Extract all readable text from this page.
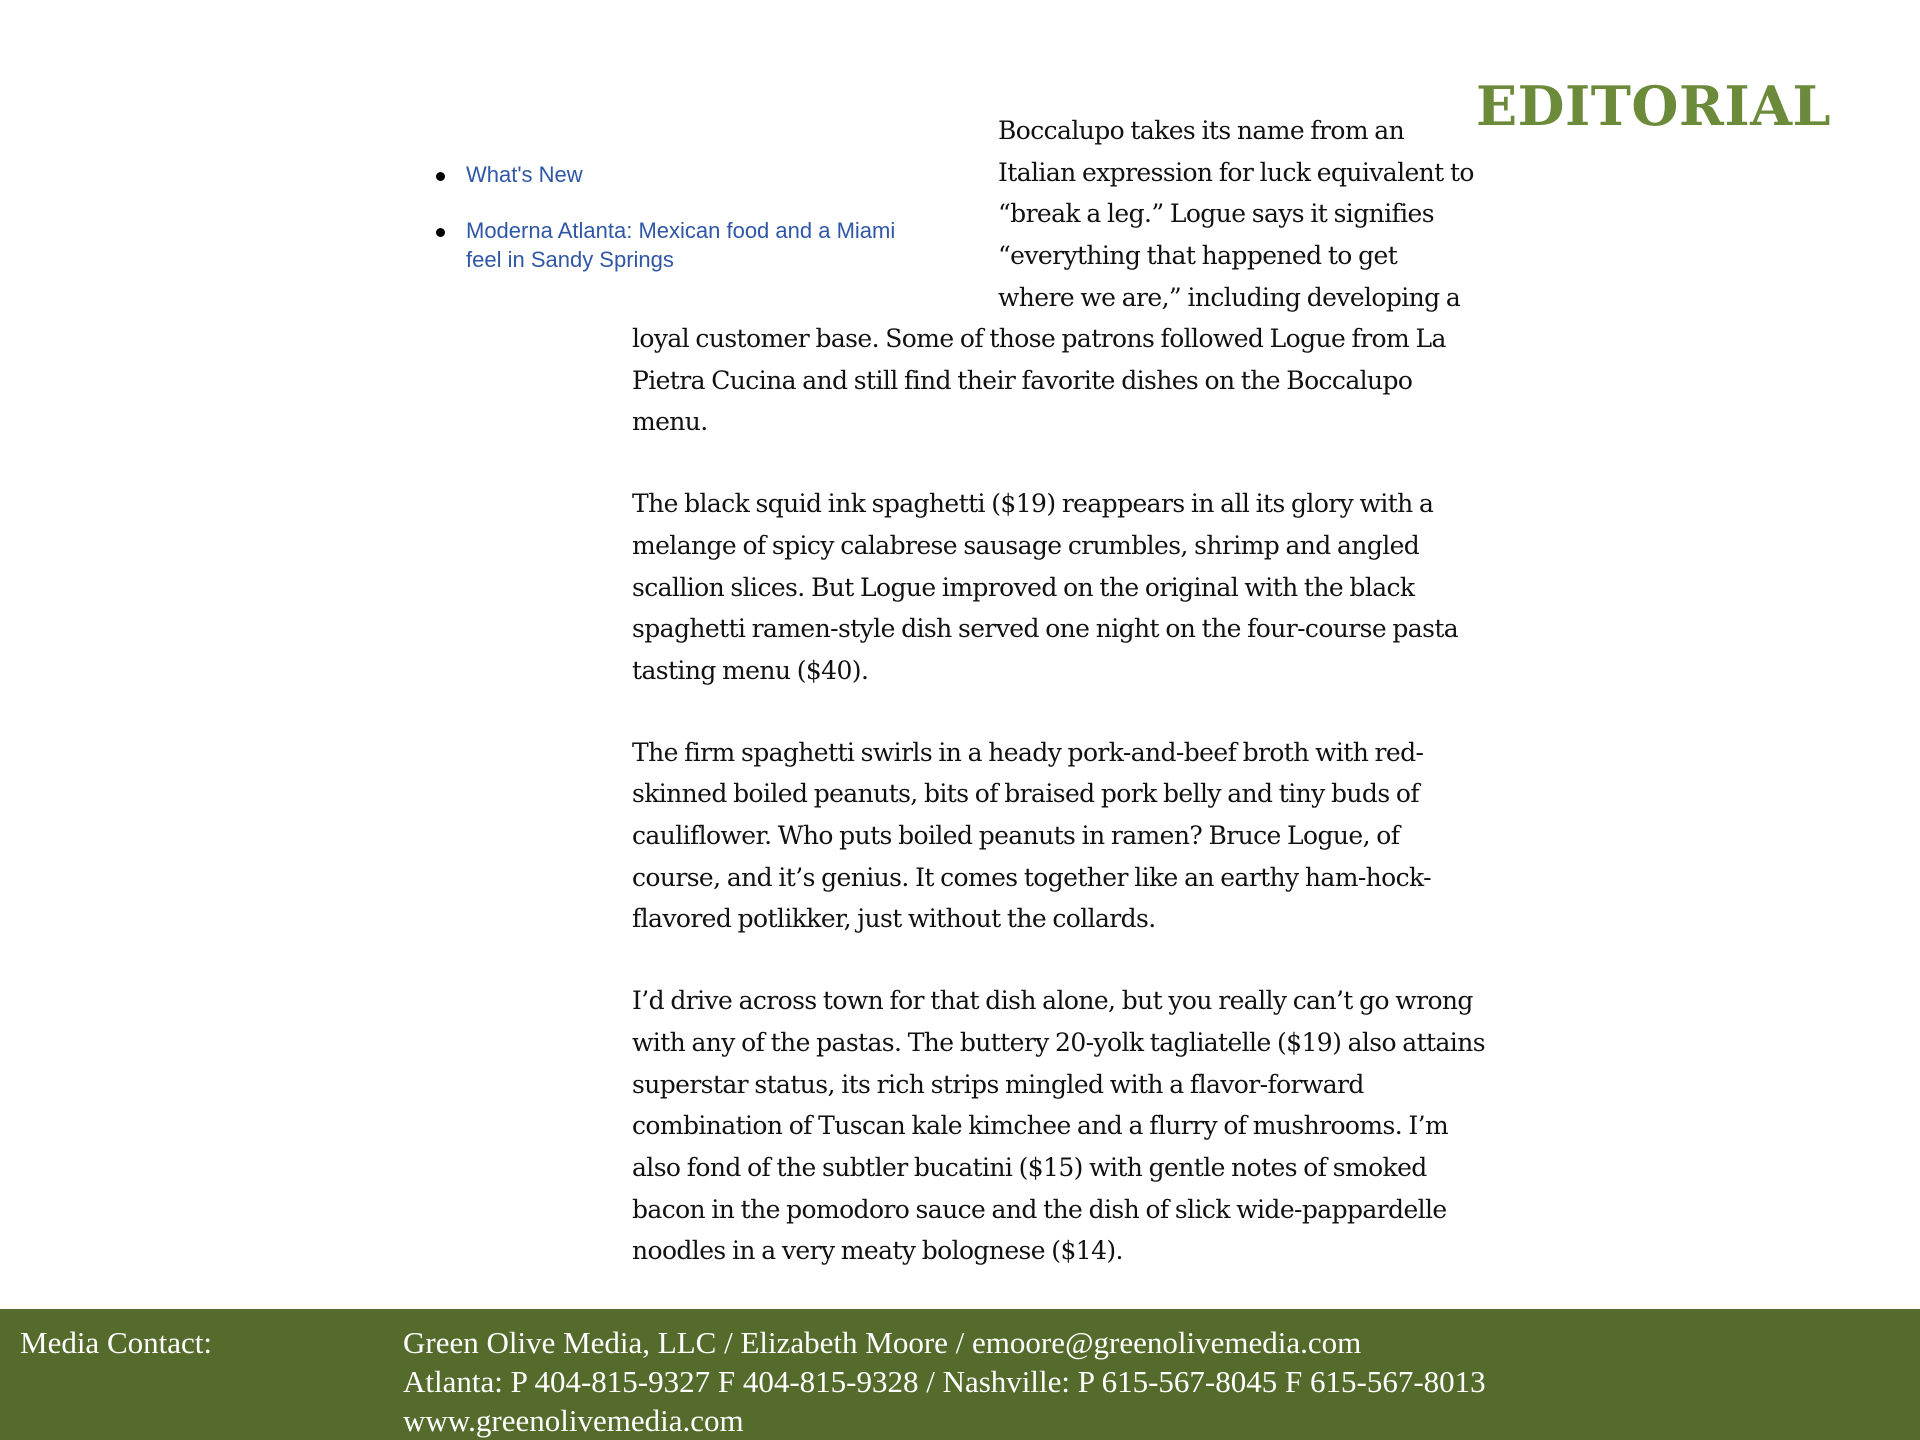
EDITORIAL
What's New
Moderna Atlanta: Mexican food and a Miami
feel in Sandy Springs
Boccalupo takes its name from an
Italian expression for luck equivalent to
“break a leg.” Logue says it signifies
“everything that happened to get
where we are,” including developing a
loyal customer base. Some of those patrons followed Logue from La
Pietra Cucina and still find their favorite dishes on the Boccalupo
menu.
The black squid ink spaghetti ($19) reappears in all its glory with a
melange of spicy calabrese sausage crumbles, shrimp and angled
scallion slices. But Logue improved on the original with the black
spaghetti ramen-style dish served one night on the four-course pasta
tasting menu ($40).
The firm spaghetti swirls in a heady pork-and-beef broth with red-
skinned boiled peanuts, bits of braised pork belly and tiny buds of
cauliflower. Who puts boiled peanuts in ramen? Bruce Logue, of
course, and it’s genius. It comes together like an earthy ham-hock-
flavored potlikker, just without the collards.
I’d drive across town for that dish alone, but you really can’t go wrong
with any of the pastas. The buttery 20-yolk tagliatelle ($19) also attains
superstar status, its rich strips mingled with a flavor-forward
combination of Tuscan kale kimchee and a flurry of mushrooms. I’m
also fond of the subtler bucatini ($15) with gentle notes of smoked
bacon in the pomodoro sauce and the dish of slick wide-pappardelle
noodles in a very meaty bolognese ($14).
Media Contact:	Green Olive Media, LLC / Elizabeth Moore / emoore@greenolivemedia.com
Atlanta: P 404-815-9327 F 404-815-9328 / Nashville: P 615-567-8045 F 615-567-8013
www.greenolivemedia.com
